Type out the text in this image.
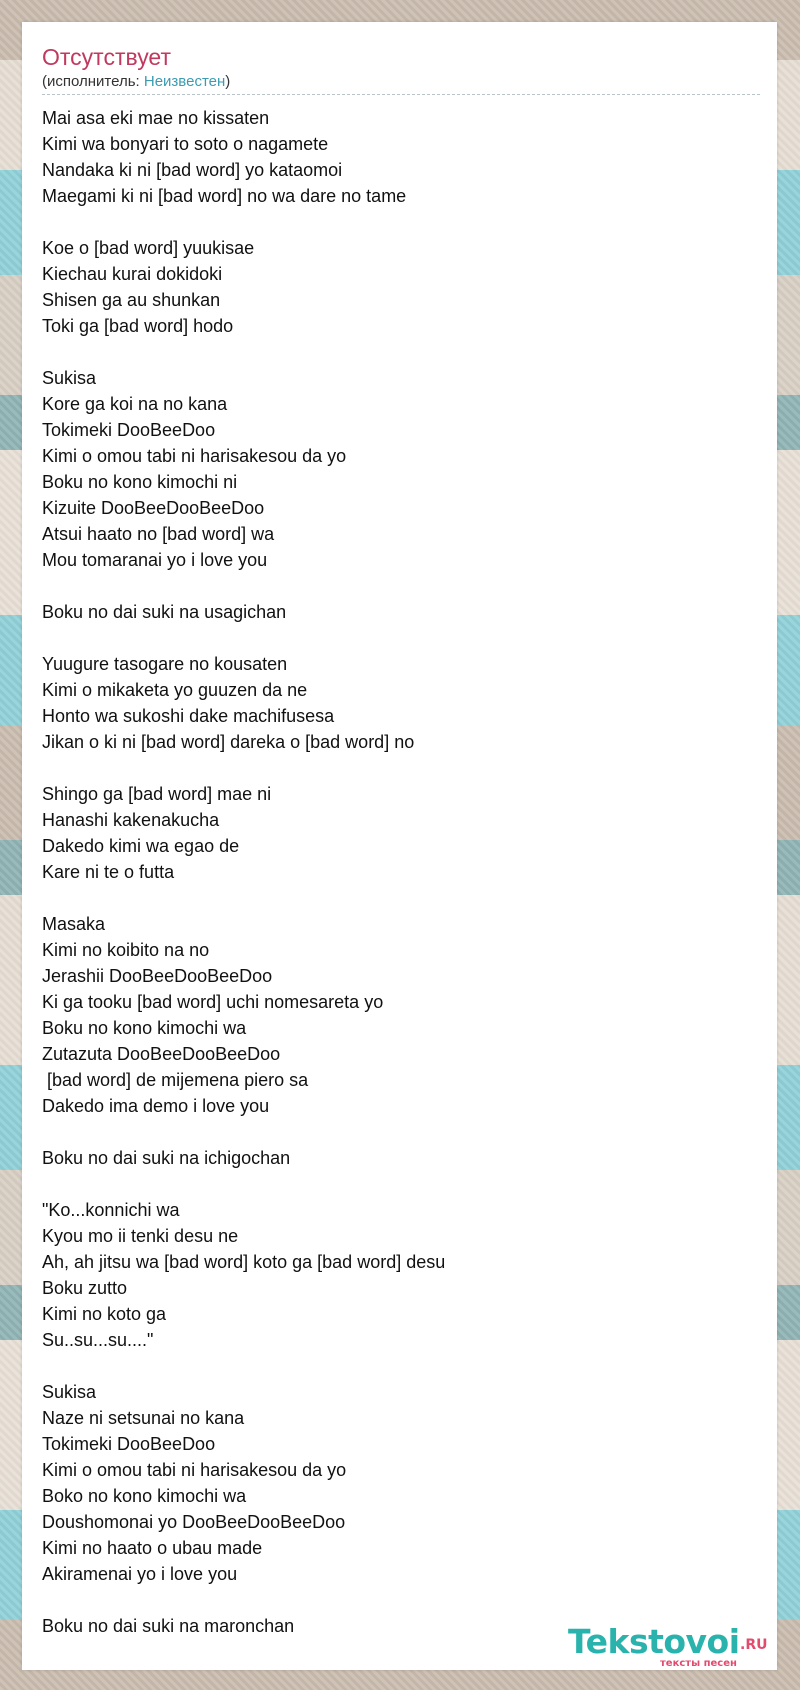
Отсутствует
(исполнитель: Неизвестен)
Mai asa eki mae no kissaten
Kimi wa bonyari to soto o nagamete
Nandaka ki ni [bad word] yo kataomoi
Maegami ki ni [bad word] no wa dare no tame
Koe o [bad word] yuukisae
Kiechau kurai dokidoki
Shisen ga au shunkan
Toki ga [bad word] hodo
Sukisa
Kore ga koi na no kana
Tokimeki DooBeeDoo
Kimi o omou tabi ni harisakesou da yo
Boku no kono kimochi ni
Kizuite DooBeeDooBeeDoo
Atsui haato no [bad word] wa
Mou tomaranai yo i love you
Boku no dai suki na usagichan
Yuugure tasogare no kousaten
Kimi o mikaketa yo guuzen da ne
Honto wa sukoshi dake machifusesa
Jikan o ki ni [bad word] dareka o [bad word] no
Shingo ga [bad word] mae ni
Hanashi kakenakucha
Dakedo kimi wa egao de
Kare ni te o futta
Masaka
Kimi no koibito na no
Jerashii DooBeeDooBeeDoo
Ki ga tooku [bad word] uchi nomesareta yo
Boku no kono kimochi wa
Zutazuta DooBeeDooBeeDoo
[bad word] de mijemena piero sa
Dakedo ima demo i love you
Boku no dai suki na ichigochan
"Ko...konnichi wa
Kyou mo ii tenki desu ne
Ah, ah jitsu wa [bad word] koto ga [bad word] desu
Boku zutto
Kimi no koto ga
Su..su...su...."
Sukisa
Naze ni setsunai no kana
Tokimeki DooBeeDoo
Kimi o omou tabi ni harisakesou da yo
Boko no kono kimochi wa
Doushomonai yo DooBeeDooBeeDoo
Kimi no haato o ubau made
Akiramenai yo i love you
Boku no dai suki na maronchan	Tekstovoi .RU
тексты песен
